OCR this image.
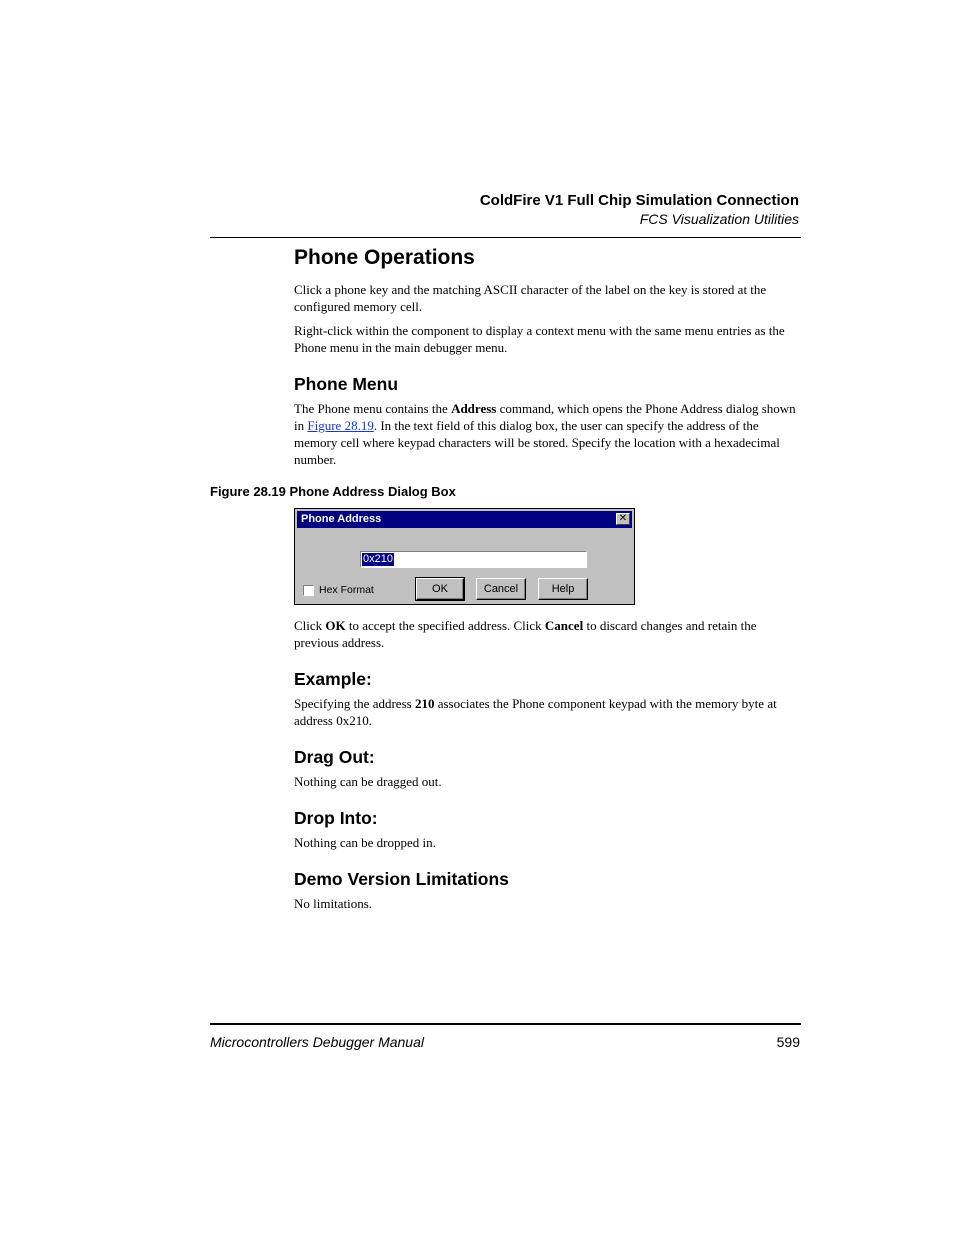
ColdFire V1 Full Chip Simulation Connection
FCS Visualization Utilities
Phone Operations
Click a phone key and the matching ASCII character of the label on the key is stored at the configured memory cell.
Right-click within the component to display a context menu with the same menu entries as the Phone menu in the main debugger menu.
Phone Menu
The Phone menu contains the Address command, which opens the Phone Address dialog shown in Figure 28.19. In the text field of this dialog box, the user can specify the address of the memory cell where keypad characters will be stored. Specify the location with a hexadecimal number.
Figure 28.19 Phone Address Dialog Box
Phone Address	✕
0x210
Hex Format	OK	Cancel	Help
Click OK to accept the specified address. Click Cancel to discard changes and retain the previous address.
Example:
Specifying the address 210 associates the Phone component keypad with the memory byte at address 0x210.
Drag Out:
Nothing can be dragged out.
Drop Into:
Nothing can be dropped in.
Demo Version Limitations
No limitations.
Microcontrollers Debugger Manual	599
